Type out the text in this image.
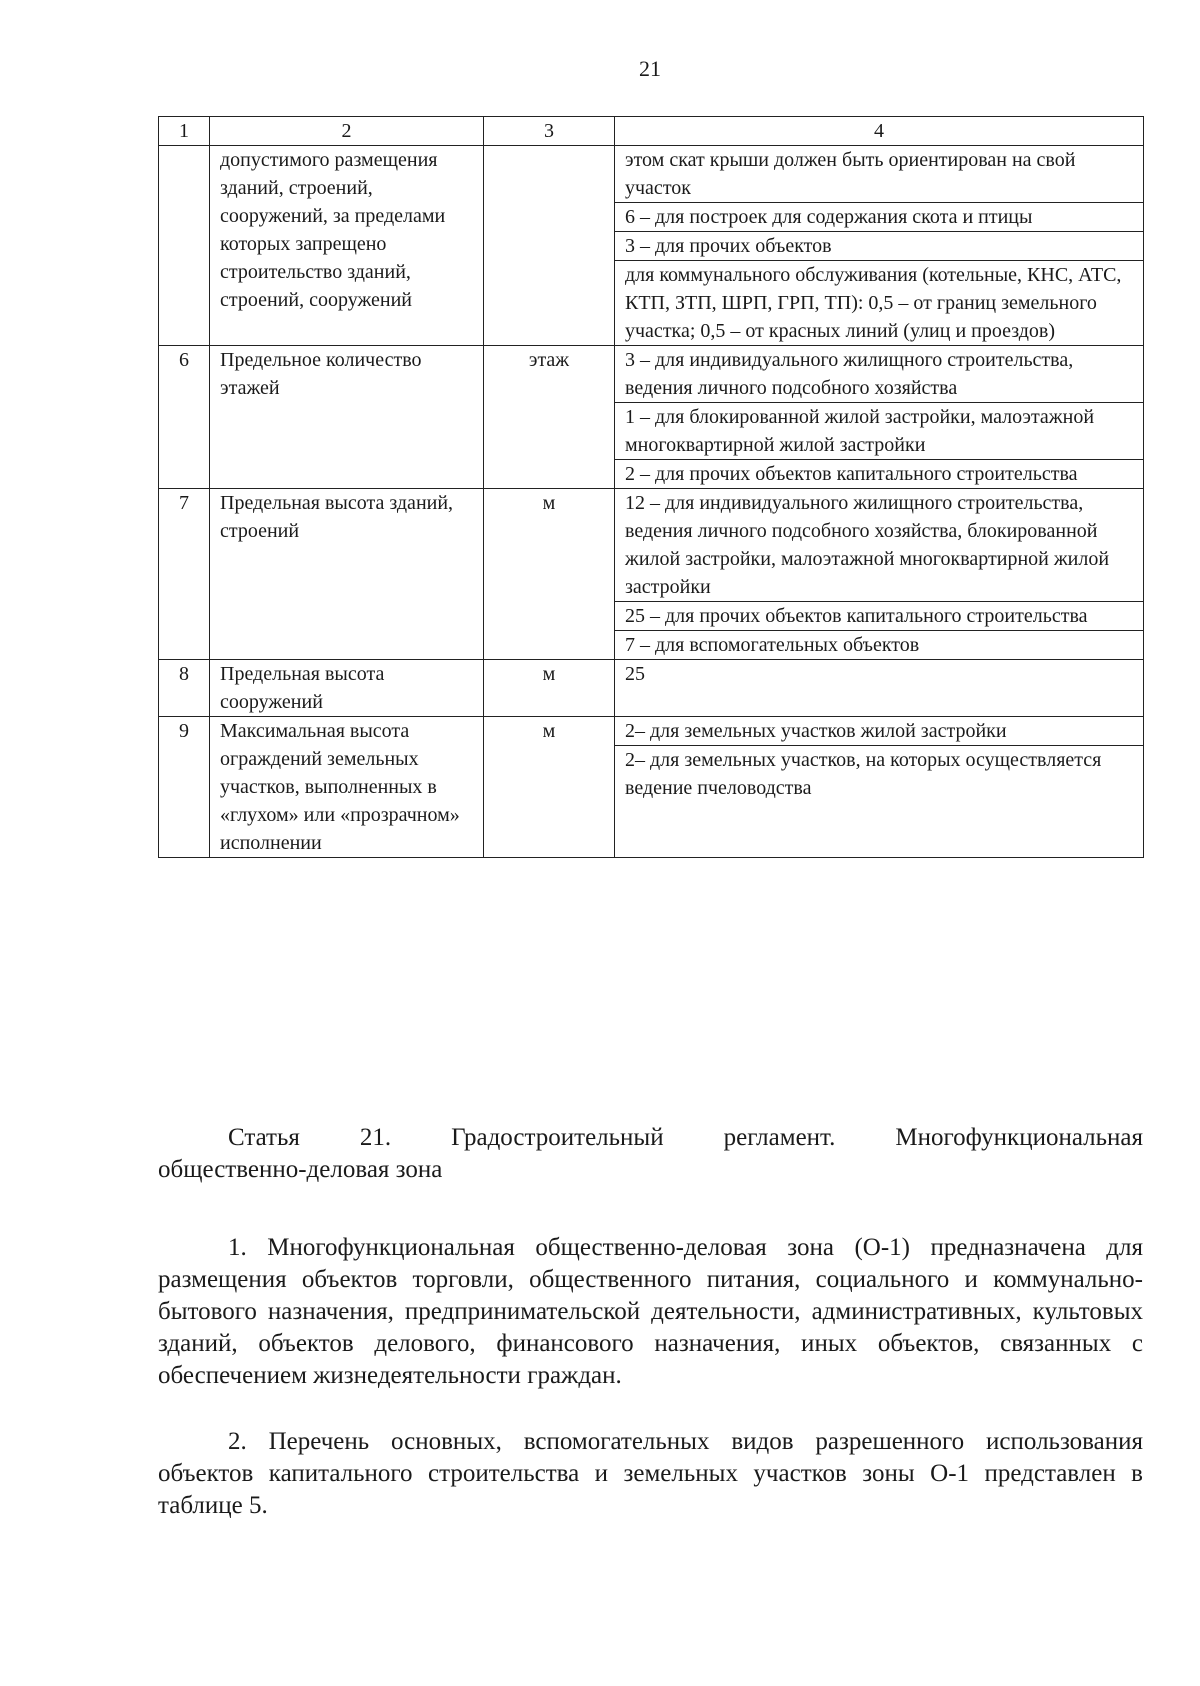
21
1	2	3	4
	допустимого размещения зданий, строений, сооружений, за пределами которых запрещено строительство зданий, строений, сооружений		этом скат крыши должен быть ориентирован на свой участок
6 – для построек для содержания скота и птицы
3 – для прочих объектов
для коммунального обслуживания (котельные, КНС, АТС, КТП, ЗТП, ШРП, ГРП, ТП): 0,5 – от границ земельного участка; 0,5 – от красных линий (улиц и проездов)

6	Предельное количество этажей	этаж	3 – для индивидуального жилищного строительства, ведения личного подсобного хозяйства
1 – для блокированной жилой застройки, малоэтажной многоквартирной жилой застройки
2 – для прочих объектов капитального строительства

7	Предельная высота зданий, строений	м	12 – для индивидуального жилищного строительства, ведения личного подсобного хозяйства, блокированной жилой застройки, малоэтажной многоквартирной жилой застройки
25 – для прочих объектов капитального строительства
7 – для вспомогательных объектов

8	Предельная высота сооружений	м	25

9	Максимальная высота ограждений земельных участков, выполненных в «глухом» или «прозрачном» исполнении	м	2– для земельных участков жилой застройки
2– для земельных участков, на которых осуществляется ведение пчеловодства
Статья 21. Градостроительный регламент. Многофункциональная
общественно-деловая зона
1. Многофункциональная общественно-деловая зона (О-1) предназначена для размещения объектов торговли, общественного питания, социального и коммунально-бытового назначения, предпринимательской деятельности, административных, культовых зданий, объектов делового, финансового назначения, иных объектов, связанных с обеспечением жизнедеятельности граждан.
2. Перечень основных, вспомогательных видов разрешенного использования объектов капитального строительства и земельных участков зоны О-1 представлен в таблице 5.
